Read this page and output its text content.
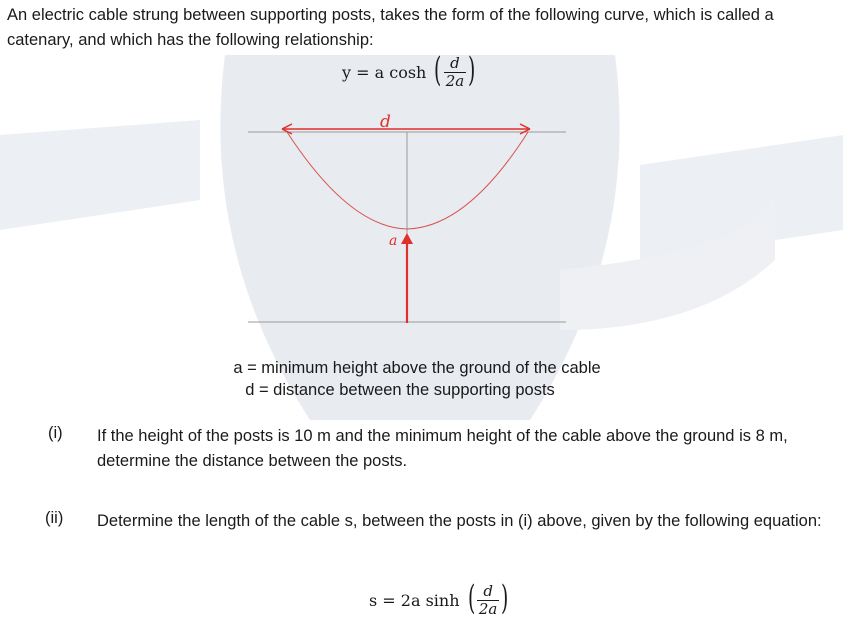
An electric cable strung between supporting posts, takes the form of the following curve, which is called a catenary, and which has the following relationship:
y = a cosh ( $\frac{d}{2a}$ )
d
a
a = minimum height above the ground of the cable
d = distance between the supporting posts
(i) If the height of the posts is 10 m and the minimum height of the cable above the ground is 8 m, determine the distance between the posts.
(ii) Determine the length of the cable s, between the posts in (i) above, given by the following equation:
s = 2a sinh ( $\frac{d}{2a}$ )
